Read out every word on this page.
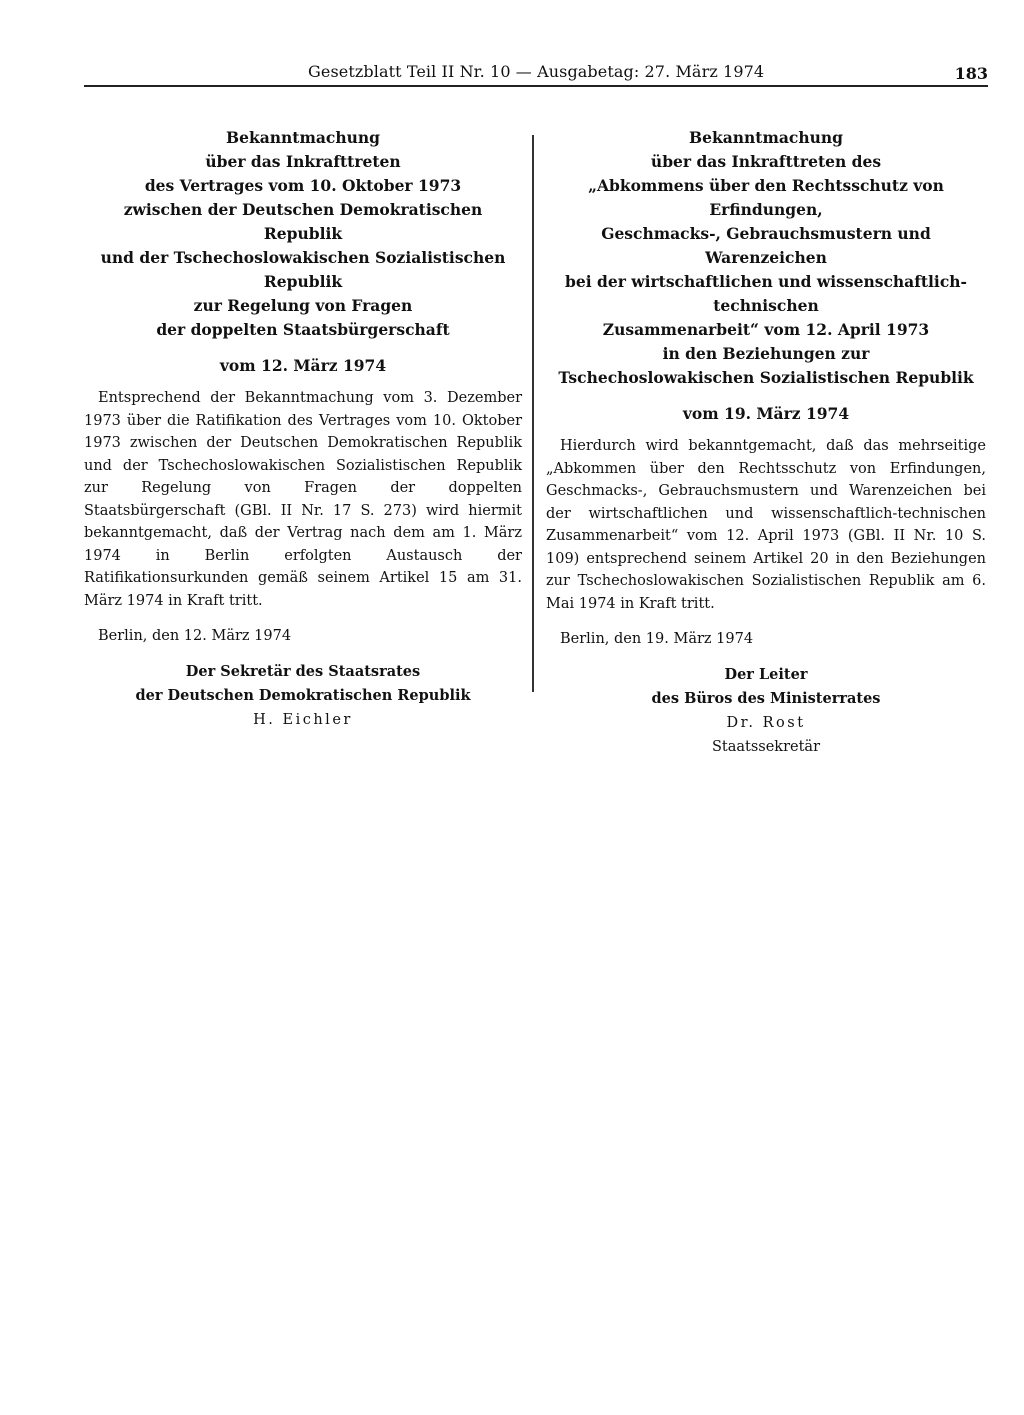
Gesetzblatt Teil II Nr. 10 — Ausgabetag: 27. März 1974	183
Bekanntmachung
über das Inkrafttreten
des Vertrages vom 10. Oktober 1973
zwischen der Deutschen Demokratischen Republik
und der Tschechoslowakischen Sozialistischen Republik
zur Regelung von Fragen
der doppelten Staatsbürgerschaft

vom 12. März 1974

Entsprechend der Bekanntmachung vom 3. Dezember 1973 über die Ratifikation des Vertrages vom 10. Oktober 1973 zwischen der Deutschen Demokratischen Republik und der Tschechoslowakischen Sozialistischen Republik zur Regelung von Fragen der doppelten Staatsbürgerschaft (GBl. II Nr. 17 S. 273) wird hiermit bekanntgemacht, daß der Vertrag nach dem am 1. März 1974 in Berlin erfolgten Austausch der Ratifikationsurkunden gemäß seinem Artikel 15 am 31. März 1974 in Kraft tritt.

Berlin, den 12. März 1974

Der Sekretär des Staatsrates
der Deutschen Demokratischen Republik
H. Eichler
Bekanntmachung
über das Inkrafttreten des
„Abkommens über den Rechtsschutz von Erfindungen,
Geschmacks-, Gebrauchsmustern und Warenzeichen
bei der wirtschaftlichen und wissenschaftlich-technischen
Zusammenarbeit“ vom 12. April 1973
in den Beziehungen zur
Tschechoslowakischen Sozialistischen Republik

vom 19. März 1974

Hierdurch wird bekanntgemacht, daß das mehrseitige „Abkommen über den Rechtsschutz von Erfindungen, Geschmacks-, Gebrauchsmustern und Warenzeichen bei der wirtschaftlichen und wissenschaftlich-technischen Zusammenarbeit“ vom 12. April 1973 (GBl. II Nr. 10 S. 109) entsprechend seinem Artikel 20 in den Beziehungen zur Tschechoslowakischen Sozialistischen Republik am 6. Mai 1974 in Kraft tritt.

Berlin, den 19. März 1974

Der Leiter
des Büros des Ministerrates
Dr. Rost
Staatssekretär
